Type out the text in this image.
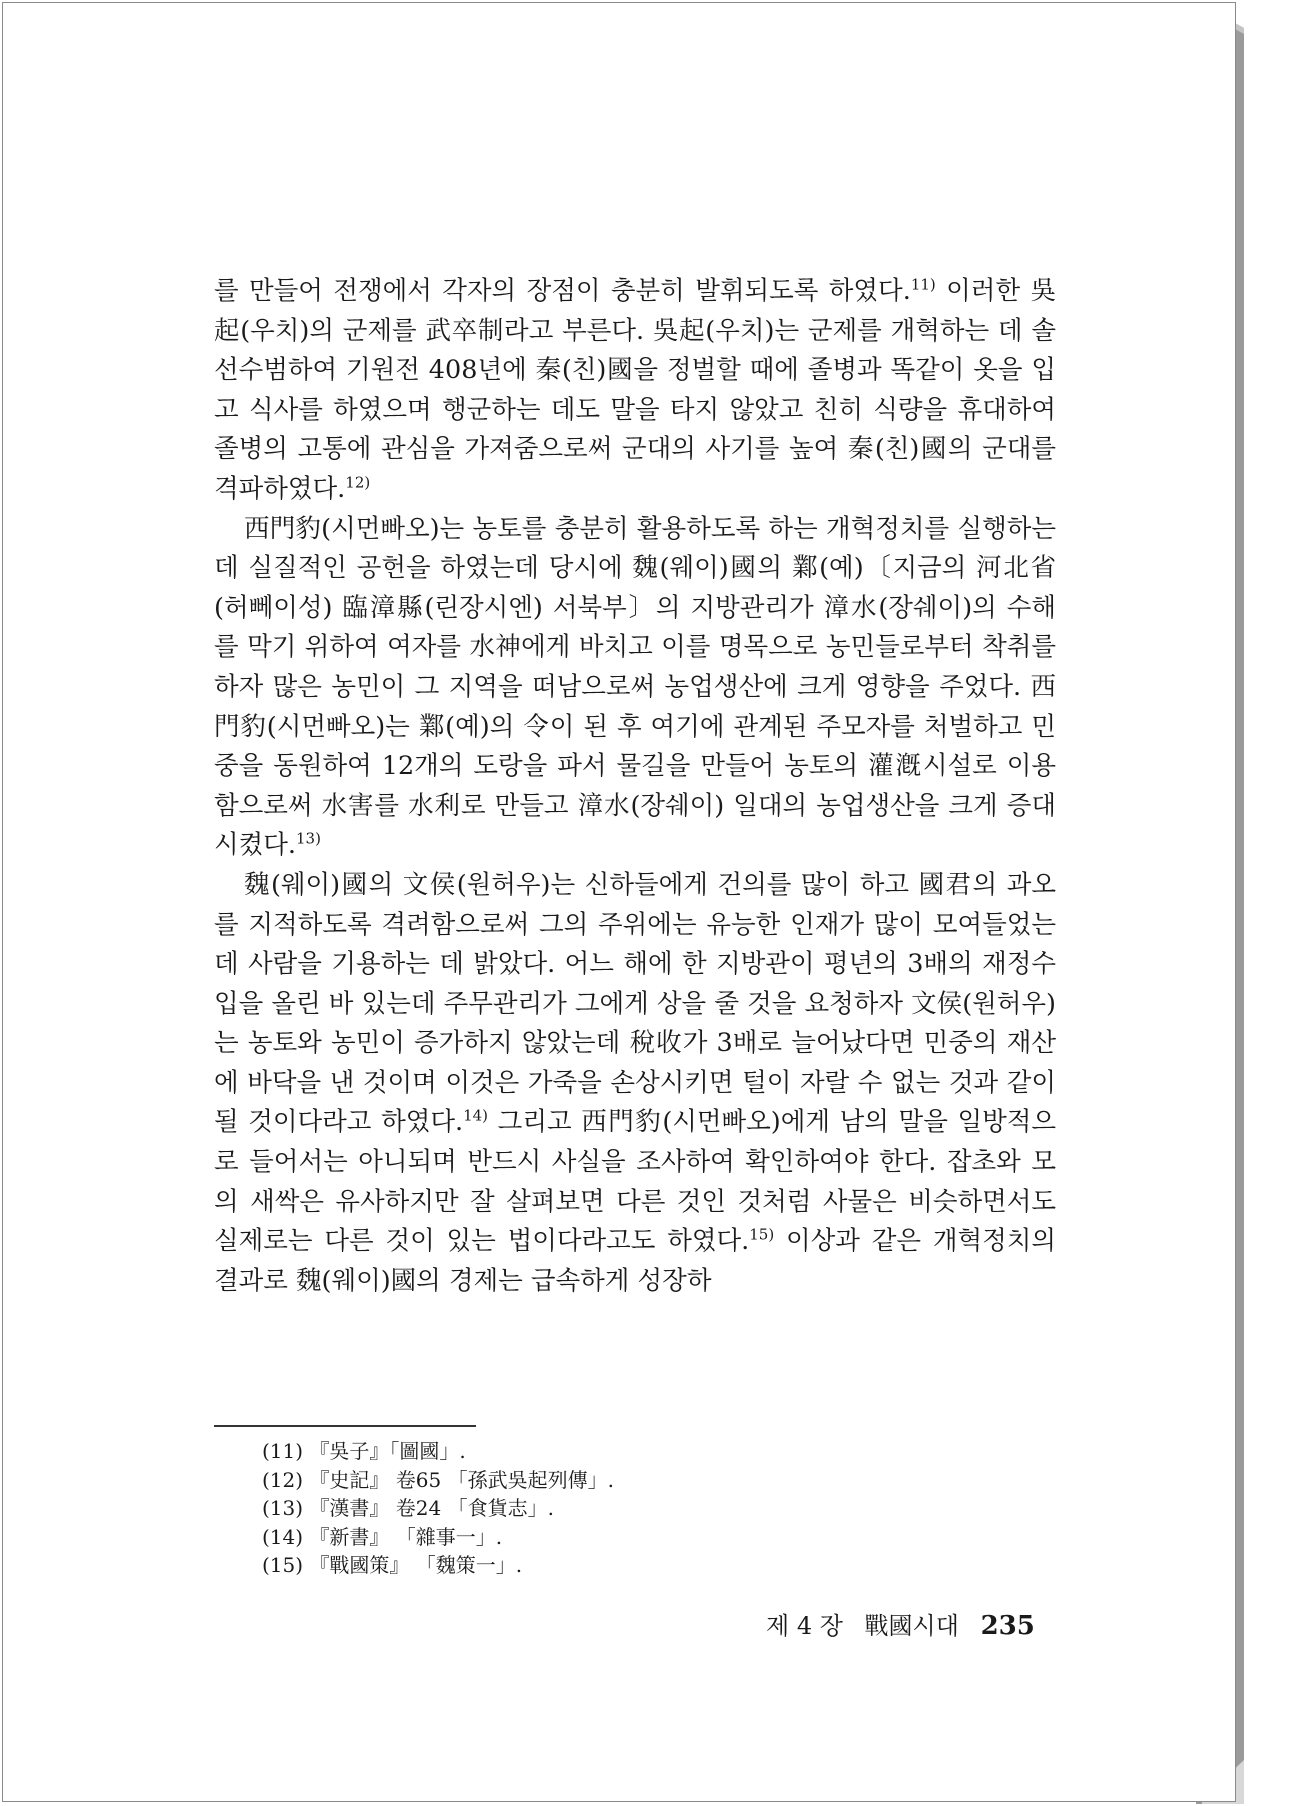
를 만들어 전쟁에서 각자의 장점이 충분히 발휘되도록 하였다.$^{11)}$ 이러한 吳起(우치)의 군제를 武卒制라고 부른다. 吳起(우치)는 군제를 개혁하는 데 솔선수범하여 기원전 408년에 秦(친)國을 정벌할 때에 졸병과 똑같이 옷을 입고 식사를 하였으며 행군하는 데도 말을 타지 않았고 친히 식량을 휴대하여 졸병의 고통에 관심을 가져줌으로써 군대의 사기를 높여 秦(친)國의 군대를 격파하였다.$^{12)}$

西門豹(시먼빠오)는 농토를 충분히 활용하도록 하는 개혁정치를 실행하는 데 실질적인 공헌을 하였는데 당시에 魏(웨이)國의 鄴(예)〔지금의 河北省(허뻬이성) 臨漳縣(린장시엔) 서북부〕의 지방관리가 漳水(장쉐이)의 수해를 막기 위하여 여자를 水神에게 바치고 이를 명목으로 농민들로부터 착취를 하자 많은 농민이 그 지역을 떠남으로써 농업생산에 크게 영향을 주었다. 西門豹(시먼빠오)는 鄴(예)의 令이 된 후 여기에 관계된 주모자를 처벌하고 민중을 동원하여 12개의 도랑을 파서 물길을 만들어 농토의 灌漑시설로 이용함으로써 水害를 水利로 만들고 漳水(장쉐이) 일대의 농업생산을 크게 증대시켰다.$^{13)}$

魏(웨이)國의 文侯(원허우)는 신하들에게 건의를 많이 하고 國君의 과오를 지적하도록 격려함으로써 그의 주위에는 유능한 인재가 많이 모여들었는데 사람을 기용하는 데 밝았다. 어느 해에 한 지방관이 평년의 3배의 재정수입을 올린 바 있는데 주무관리가 그에게 상을 줄 것을 요청하자 文侯(원허우)는 농토와 농민이 증가하지 않았는데 稅收가 3배로 늘어났다면 민중의 재산에 바닥을 낸 것이며 이것은 가죽을 손상시키면 털이 자랄 수 없는 것과 같이 될 것이다라고 하였다.$^{14)}$ 그리고 西門豹(시먼빠오)에게 남의 말을 일방적으로 들어서는 아니되며 반드시 사실을 조사하여 확인하여야 한다. 잡초와 모의 새싹은 유사하지만 잘 살펴보면 다른 것인 것처럼 사물은 비슷하면서도 실제로는 다른 것이 있는 법이다라고도 하였다.$^{15)}$ 이상과 같은 개혁정치의 결과로 魏(웨이)國의 경제는 급속하게 성장하

(11) 『吳子』「圖國」.
(12) 『史記』 卷65 「孫武吳起列傳」.
(13) 『漢書』 卷24 「食貨志」.
(14) 『新書』 「雜事一」.
(15) 『戰國策』 「魏策一」.
제 4 장 戰國시대 235
